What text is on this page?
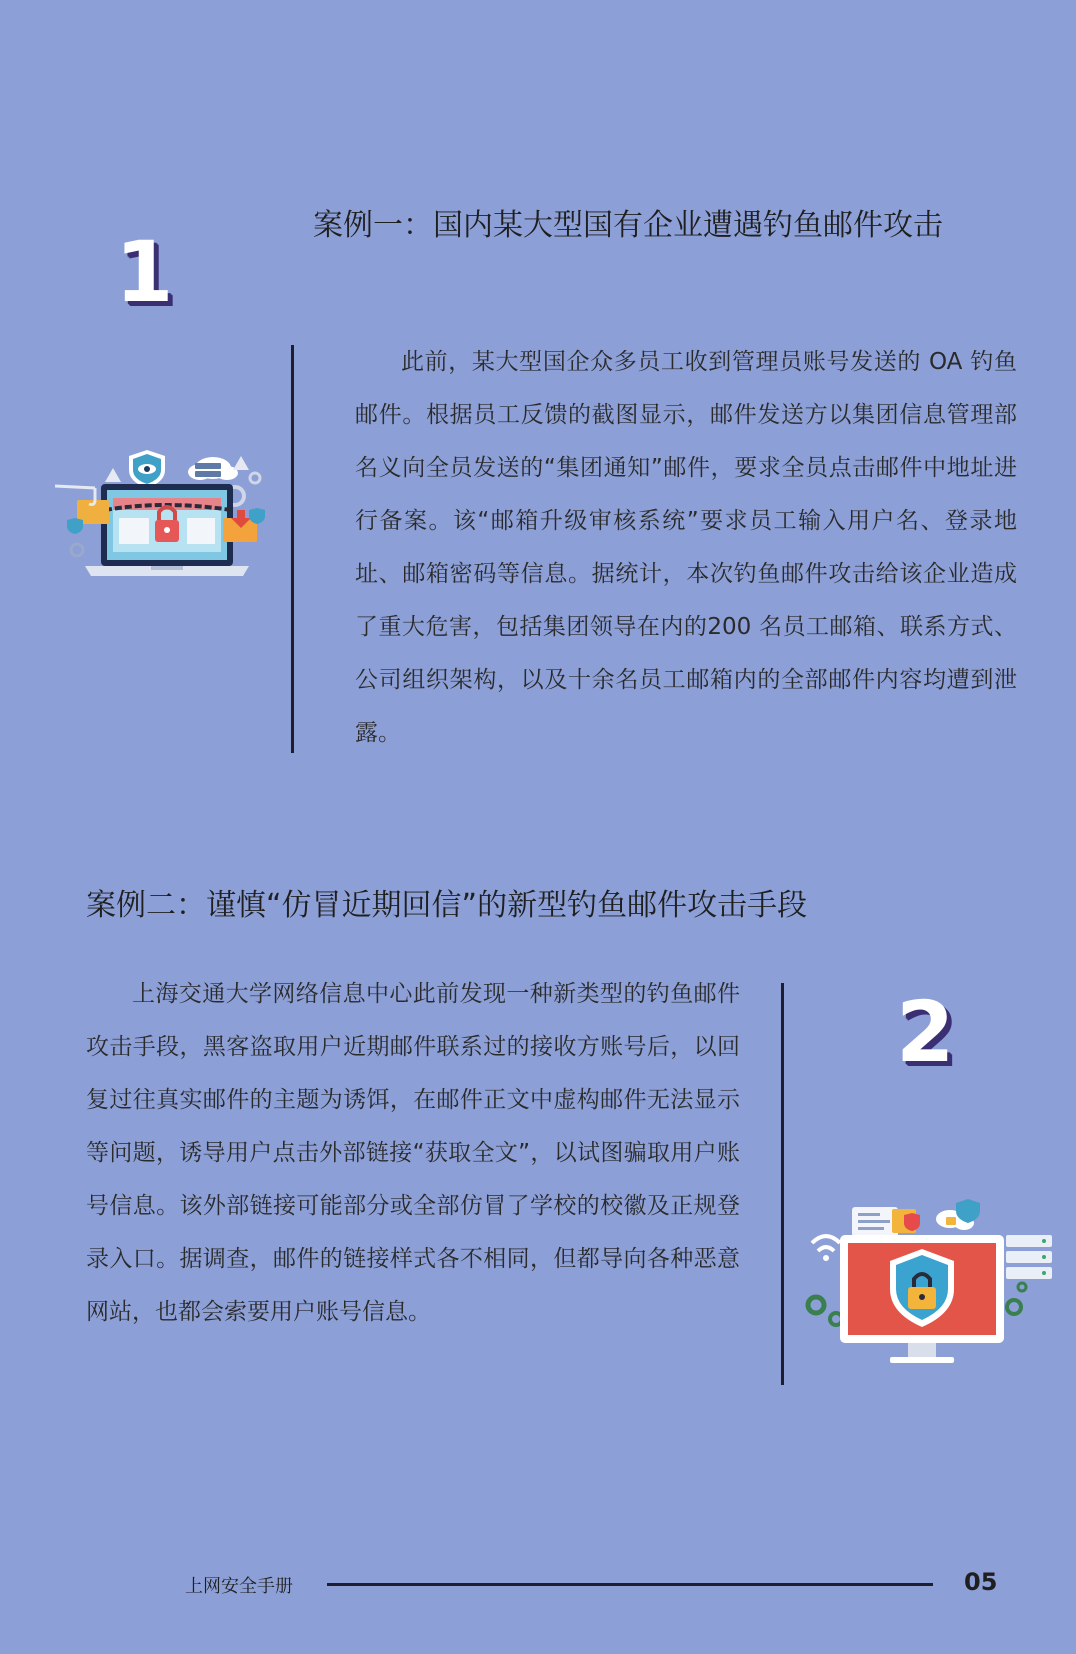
案例一：国内某大型国有企业遭遇钓鱼邮件攻击
1
此前，某大型国企众多员工收到管理员账号发送的 OA 钓鱼邮件。根据员工反馈的截图显示，邮件发送方以集团信息管理部名义向全员发送的“集团通知”邮件，要求全员点击邮件中地址进行备案。该“邮箱升级审核系统”要求员工输入用户名、登录地址、邮箱密码等信息。据统计，本次钓鱼邮件攻击给该企业造成了重大危害，包括集团领导在内的200 名员工邮箱、联系方式、公司组织架构，以及十余名员工邮箱内的全部邮件内容均遭到泄露。
案例二：谨慎“仿冒近期回信”的新型钓鱼邮件攻击手段
上海交通大学网络信息中心此前发现一种新类型的钓鱼邮件攻击手段，黑客盗取用户近期邮件联系过的接收方账号后，以回复过往真实邮件的主题为诱饵，在邮件正文中虚构邮件无法显示等问题，诱导用户点击外部链接“获取全文”，以试图骗取用户账号信息。该外部链接可能部分或全部仿冒了学校的校徽及正规登录入口。据调查，邮件的链接样式各不相同，但都导向各种恶意网站，也都会索要用户账号信息。
2
上网安全手册	05
